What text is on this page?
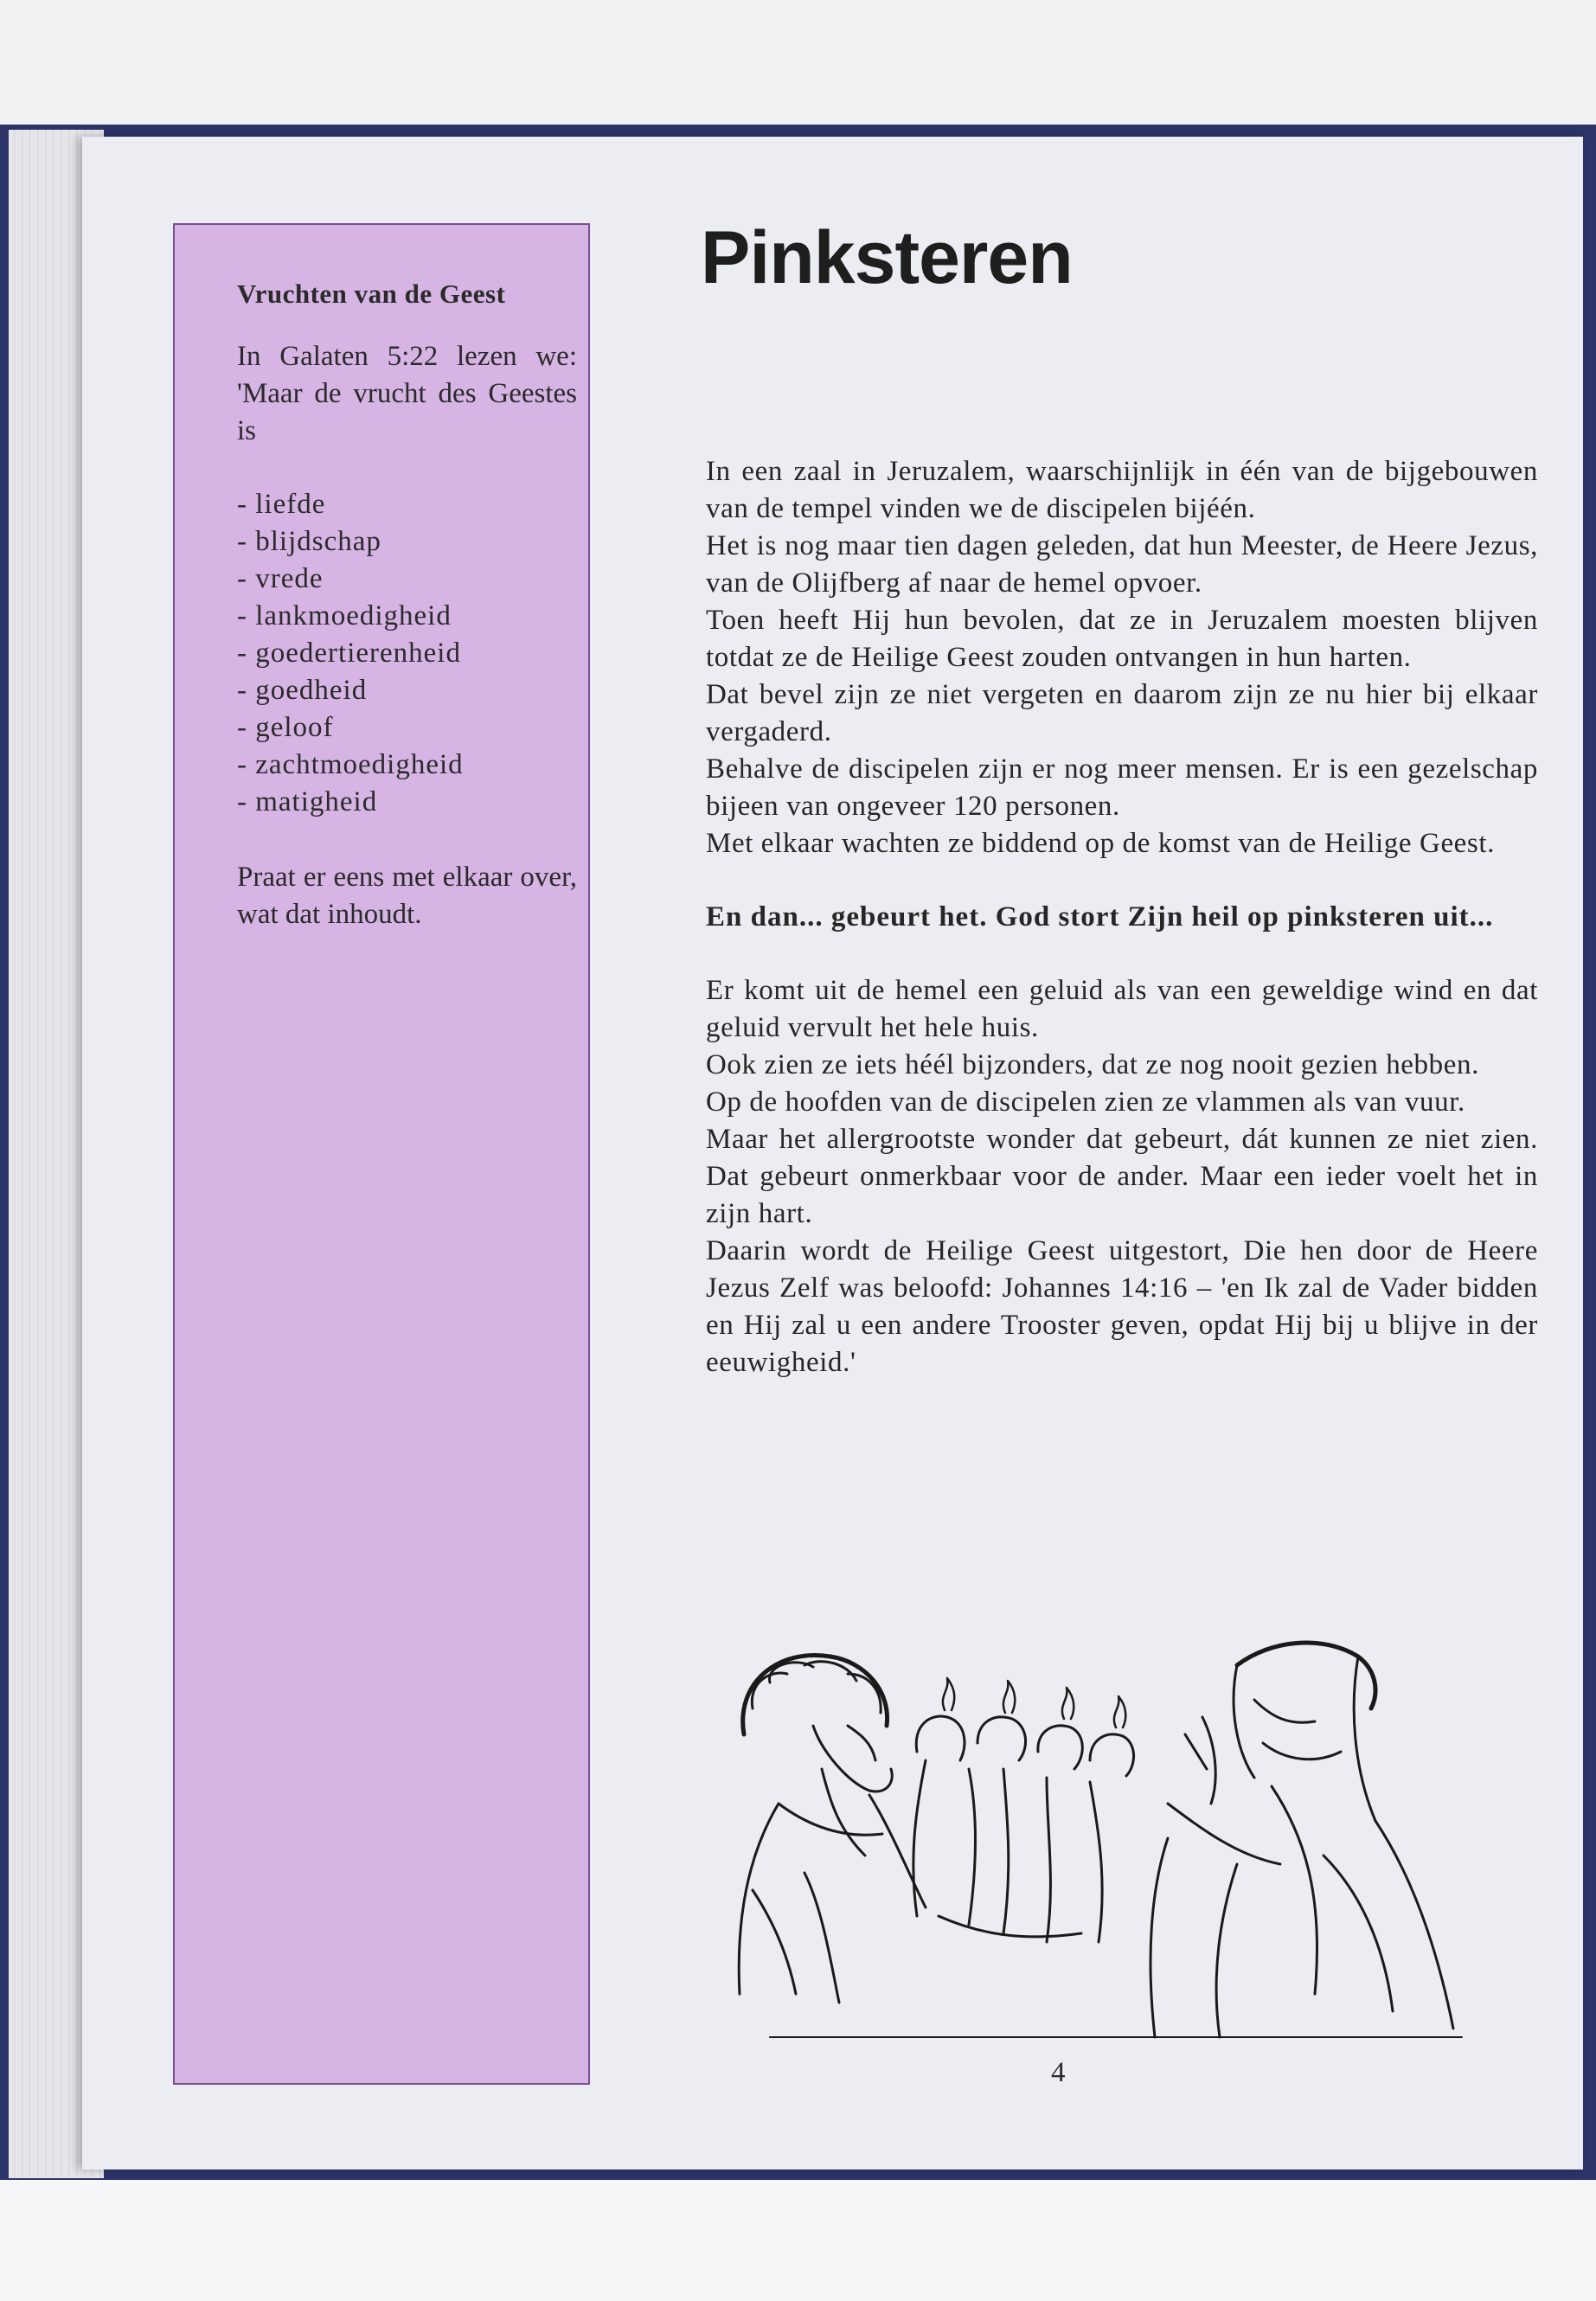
Vruchten van de Geest

In Galaten 5:22 lezen we: 'Maar de vrucht des Geestes is

- liefde
- blijdschap
- vrede
- lankmoedigheid
- goedertierenheid
- goedheid
- geloof
- zachtmoedigheid
- matigheid

Praat er eens met elkaar over, wat dat inhoudt.

Pinksteren

In een zaal in Jeruzalem, waarschijnlijk in één van de bijgebouwen van de tempel vinden we de discipelen bijéén.

Het is nog maar tien dagen geleden, dat hun Meester, de Heere Jezus, van de Olijfberg af naar de hemel opvoer.

Toen heeft Hij hun bevolen, dat ze in Jeruzalem moesten blijven totdat ze de Heilige Geest zouden ontvangen in hun harten.

Dat bevel zijn ze niet vergeten en daarom zijn ze nu hier bij elkaar vergaderd.

Behalve de discipelen zijn er nog meer mensen. Er is een gezelschap bijeen van ongeveer 120 personen.

Met elkaar wachten ze biddend op de komst van de Heilige Geest.

En dan... gebeurt het. God stort Zijn heil op pinksteren uit...

Er komt uit de hemel een geluid als van een geweldige wind en dat geluid vervult het hele huis.

Ook zien ze iets héél bijzonders, dat ze nog nooit gezien hebben.

Op de hoofden van de discipelen zien ze vlammen als van vuur.

Maar het allergrootste wonder dat gebeurt, dát kunnen ze niet zien. Dat gebeurt onmerkbaar voor de ander. Maar een ieder voelt het in zijn hart.

Daarin wordt de Heilige Geest uitgestort, Die hen door de Heere Jezus Zelf was beloofd: Johannes 14:16 – 'en Ik zal de Vader bidden en Hij zal u een andere Trooster geven, opdat Hij bij u blijve in der eeuwigheid.'

4
